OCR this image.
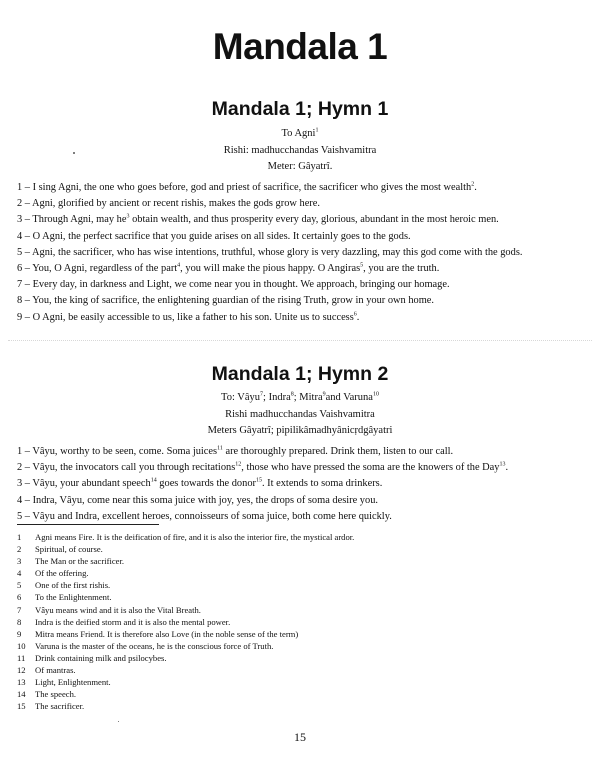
Mandala 1
Mandala 1; Hymn 1
To Agni$^1$
Rishi: madhucchandas Vaishvamitra
Meter: Gâyatrî.
1 – I sing Agni, the one who goes before, god and priest of sacrifice, the sacrificer who gives the most wealth$^2$.
2 – Agni, glorified by ancient or recent rishis, makes the gods grow here.
3 – Through Agni, may $he^3$ obtain wealth, and thus prosperity every day, glorious, abundant in the most heroic men.
4 – O Agni, the perfect sacrifice that you guide arises on all sides. It certainly goes to the gods.
5 – Agni, the sacrificer, who has wise intentions, truthful, whose glory is very dazzling, may this god come with the gods.
6 – You, O Agni, regardless of the part$^4$, you will make the pious happy. O Angiras$^5$, you are the truth.
7 – Every day, in darkness and Light, we come near you in thought. We approach, bringing our homage.
8 – You, the king of sacrifice, the enlightening guardian of the rising Truth, grow in your own home.
9 – O Agni, be easily accessible to us, like a father to his son. Unite us to success$^6$.
Mandala 1; Hymn 2
To: Vâyu$^7$; Indra$^8$; Mitra$^9$and Varuna$^{10}$
Rishi madhucchandas Vaishvamitra
Meters Gâyatrî; pipilikâmadhyânicṛdgâyatri
1 – Vâyu, worthy to be seen, come. Soma juices$^{11}$ are thoroughly prepared. Drink them, listen to our call.
2 – Vâyu, the invocators call you through recitations$^{12}$, those who have pressed the soma are the knowers of the Day$^{13}$.
3 – Vâyu, your abundant speech$^{14}$ goes towards the donor$^{15}$. It extends to soma drinkers.
4 – Indra, Vâyu, come near this soma juice with joy, yes, the drops of soma desire you.
5 – Vâyu and Indra, excellent heroes, connoisseurs of soma juice, both come here quickly.
1	Agni means Fire. It is the deification of fire, and it is also the interior fire, the mystical ardor.
2	Spiritual, of course.
3	The Man or the sacrificer.
4	Of the offering.
5	One of the first rishis.
6	To the Enlightenment.
7	Vâyu means wind and it is also the Vital Breath.
8	Indra is the deified storm and it is also the mental power.
9	Mitra means Friend. It is therefore also Love (in the noble sense of the term)
10	Varuna is the master of the oceans, he is the conscious force of Truth.
11	Drink containing milk and psilocybes.
12	Of mantras.
13	Light, Enlightenment.
14	The speech.
15	The sacrificer.
15
